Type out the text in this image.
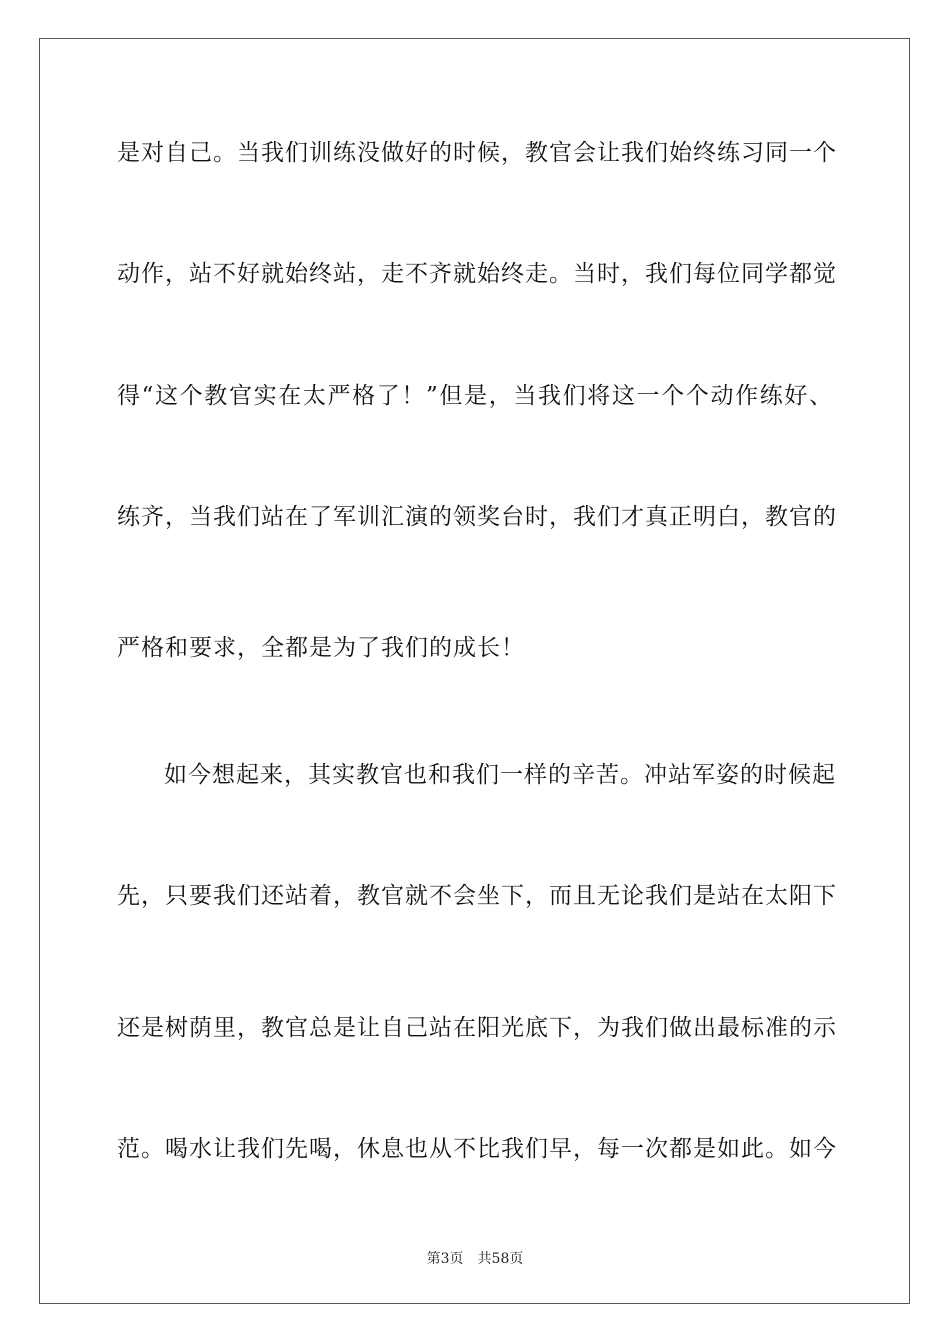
是对自己。当我们训练没做好的时候，教官会让我们始终练习同一个
动作，站不好就始终站，走不齐就始终走。当时，我们每位同学都觉
得“这个教官实在太严格了！”但是，当我们将这一个个动作练好、
练齐，当我们站在了军训汇演的领奖台时，我们才真正明白，教官的
严格和要求，全都是为了我们的成长！
如今想起来，其实教官也和我们一样的辛苦。冲站军姿的时候起
先，只要我们还站着，教官就不会坐下，而且无论我们是站在太阳下
还是树荫里，教官总是让自己站在阳光底下，为我们做出最标准的示
范。喝水让我们先喝，休息也从不比我们早，每一次都是如此。如今
第3页 共58页
